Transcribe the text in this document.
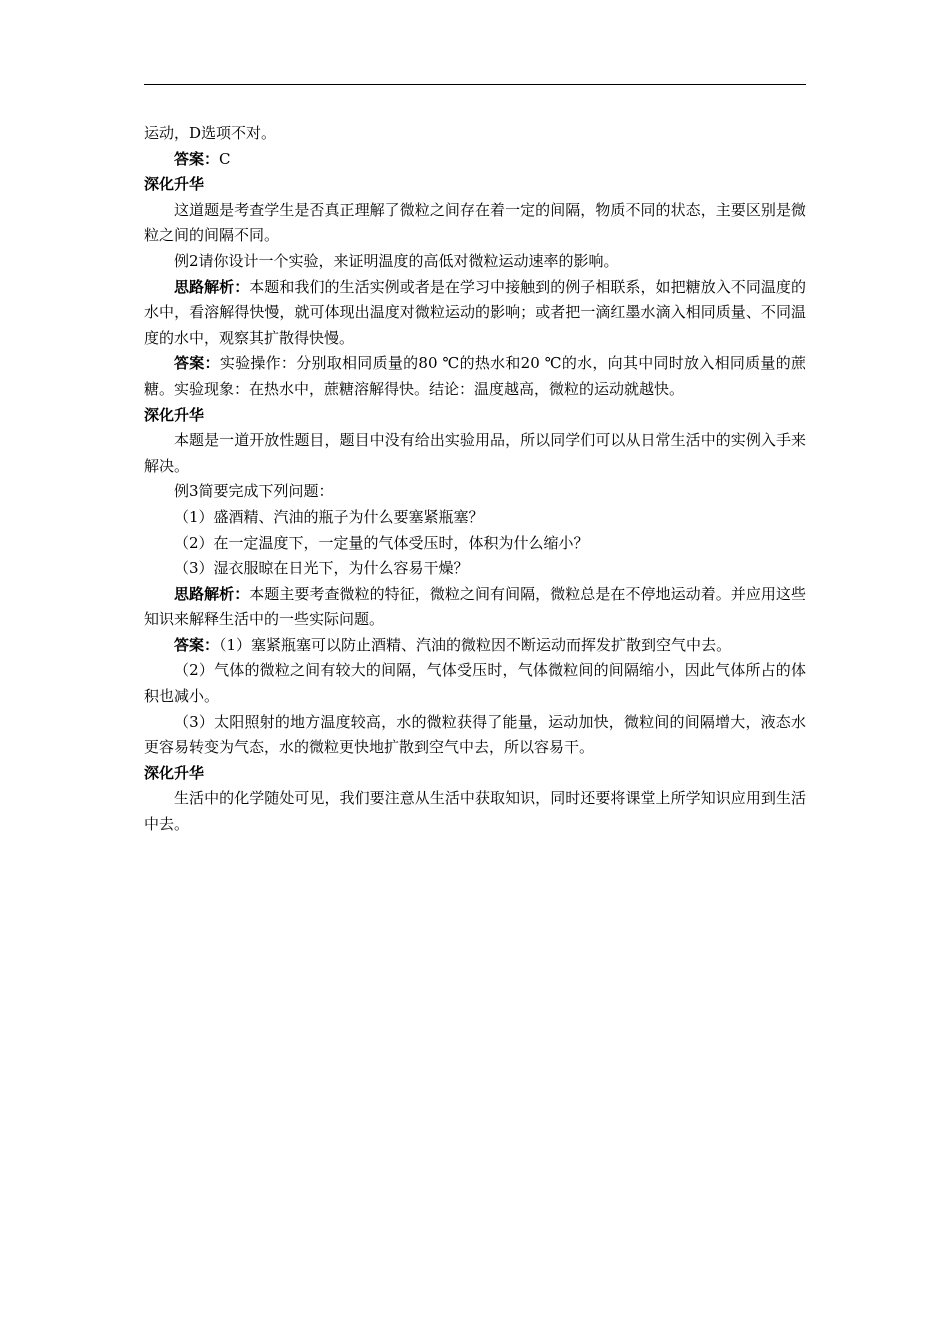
运动，D选项不对。

答案：C

深化升华

这道题是考查学生是否真正理解了微粒之间存在着一定的间隔，物质不同的状态，主要区别是微粒之间的间隔不同。

例2请你设计一个实验，来证明温度的高低对微粒运动速率的影响。

思路解析：本题和我们的生活实例或者是在学习中接触到的例子相联系，如把糖放入不同温度的水中，看溶解得快慢，就可体现出温度对微粒运动的影响；或者把一滴红墨水滴入相同质量、不同温度的水中，观察其扩散得快慢。

答案：实验操作：分别取相同质量的80 ℃的热水和20 ℃的水，向其中同时放入相同质量的蔗糖。实验现象：在热水中，蔗糖溶解得快。结论：温度越高，微粒的运动就越快。

深化升华

本题是一道开放性题目，题目中没有给出实验用品，所以同学们可以从日常生活中的实例入手来解决。

例3简要完成下列问题：

（1）盛酒精、汽油的瓶子为什么要塞紧瓶塞？

（2）在一定温度下，一定量的气体受压时，体积为什么缩小？

（3）湿衣服晾在日光下，为什么容易干燥？

思路解析：本题主要考查微粒的特征，微粒之间有间隔，微粒总是在不停地运动着。并应用这些知识来解释生活中的一些实际问题。

答案：（1）塞紧瓶塞可以防止酒精、汽油的微粒因不断运动而挥发扩散到空气中去。

（2）气体的微粒之间有较大的间隔，气体受压时，气体微粒间的间隔缩小，因此气体所占的体积也减小。

（3）太阳照射的地方温度较高，水的微粒获得了能量，运动加快，微粒间的间隔增大，液态水更容易转变为气态，水的微粒更快地扩散到空气中去，所以容易干。

深化升华

生活中的化学随处可见，我们要注意从生活中获取知识，同时还要将课堂上所学知识应用到生活中去。
